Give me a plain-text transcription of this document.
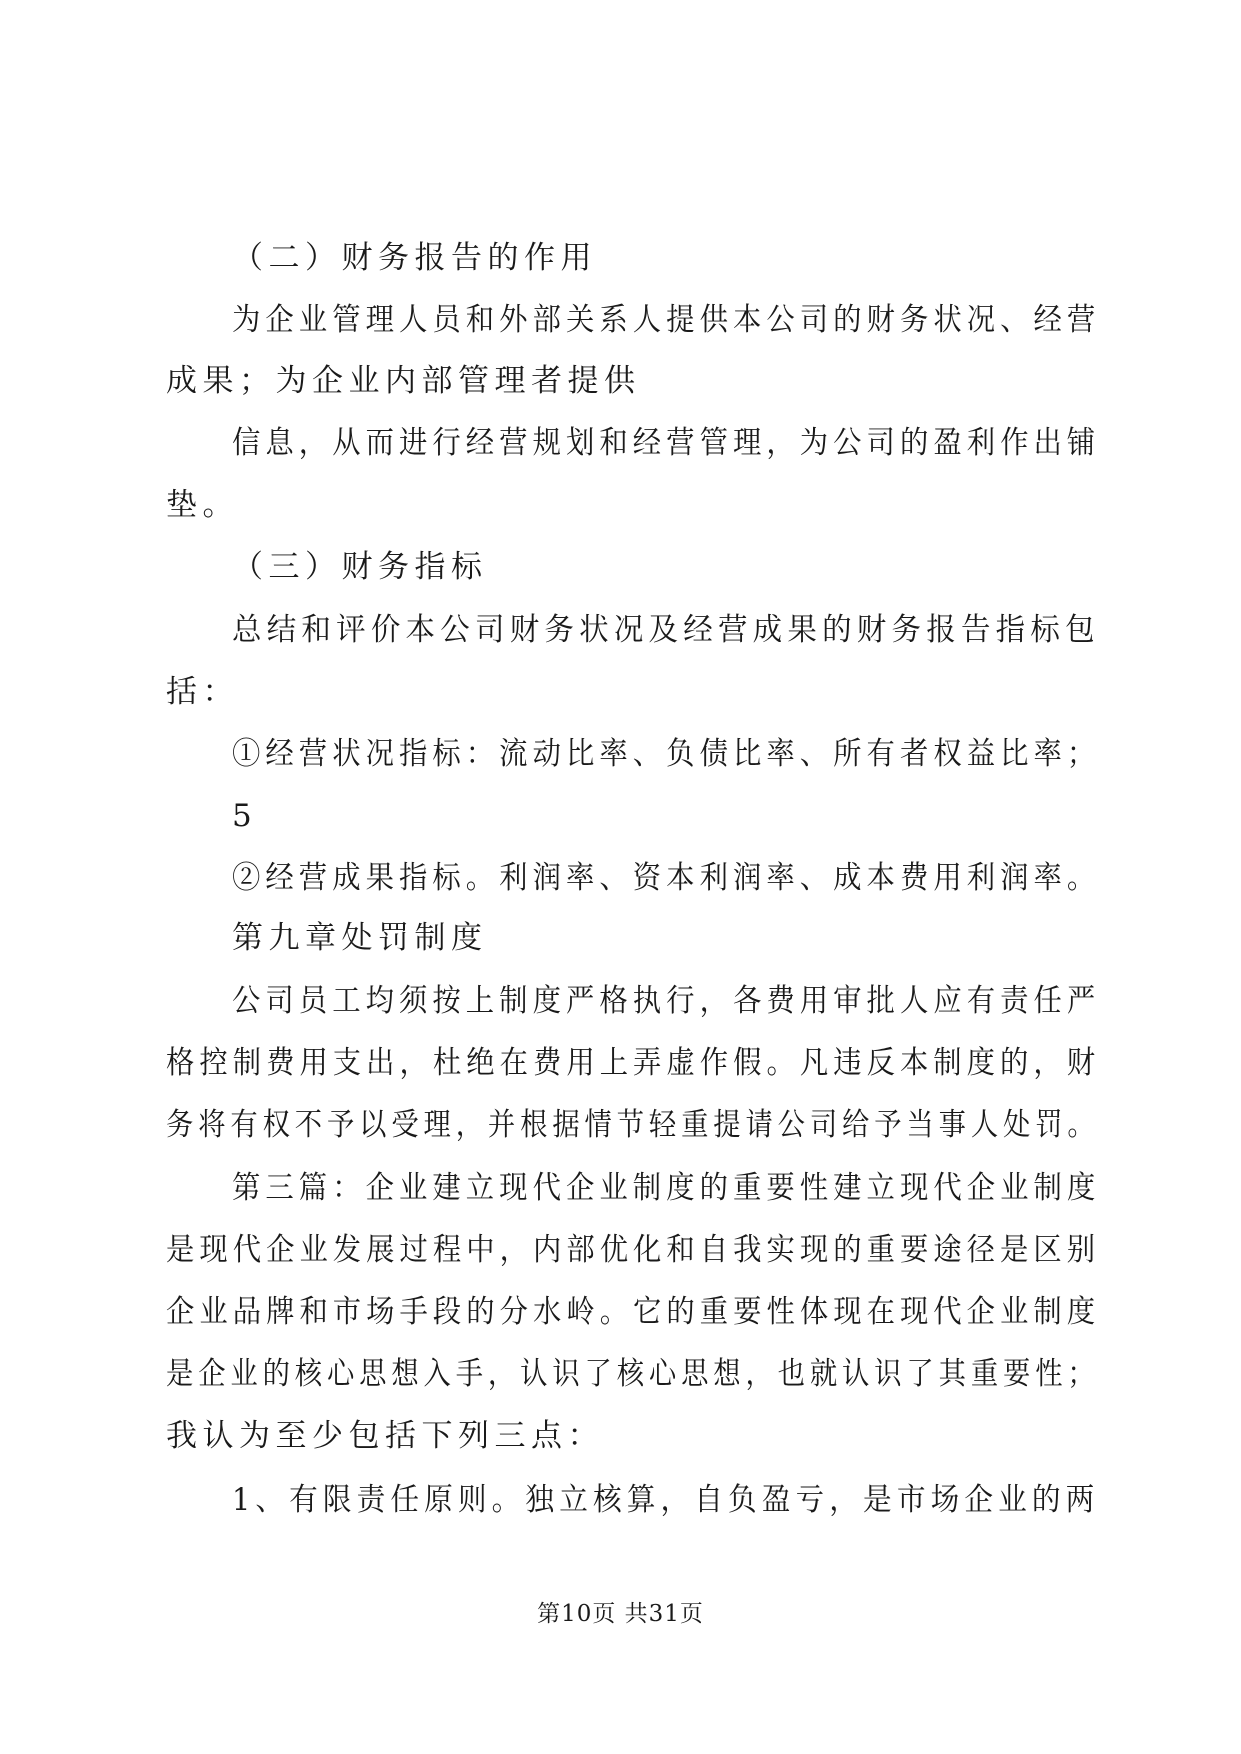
（二）财务报告的作用
为企业管理人员和外部关系人提供本公司的财务状况、经营
成果；为企业内部管理者提供
信息，从而进行经营规划和经营管理，为公司的盈利作出铺
垫。
（三）财务指标
总结和评价本公司财务状况及经营成果的财务报告指标包
括：
①经营状况指标：流动比率、负债比率、所有者权益比率；
5
②经营成果指标。利润率、资本利润率、成本费用利润率。
第九章处罚制度
公司员工均须按上制度严格执行，各费用审批人应有责任严
格控制费用支出，杜绝在费用上弄虚作假。凡违反本制度的，财
务将有权不予以受理，并根据情节轻重提请公司给予当事人处罚。
第三篇：企业建立现代企业制度的重要性建立现代企业制度
是现代企业发展过程中，内部优化和自我实现的重要途径是区别
企业品牌和市场手段的分水岭。它的重要性体现在现代企业制度
是企业的核心思想入手，认识了核心思想，也就认识了其重要性；
我认为至少包括下列三点：
1、有限责任原则。独立核算，自负盈亏，是市场企业的两
第10页 共31页
